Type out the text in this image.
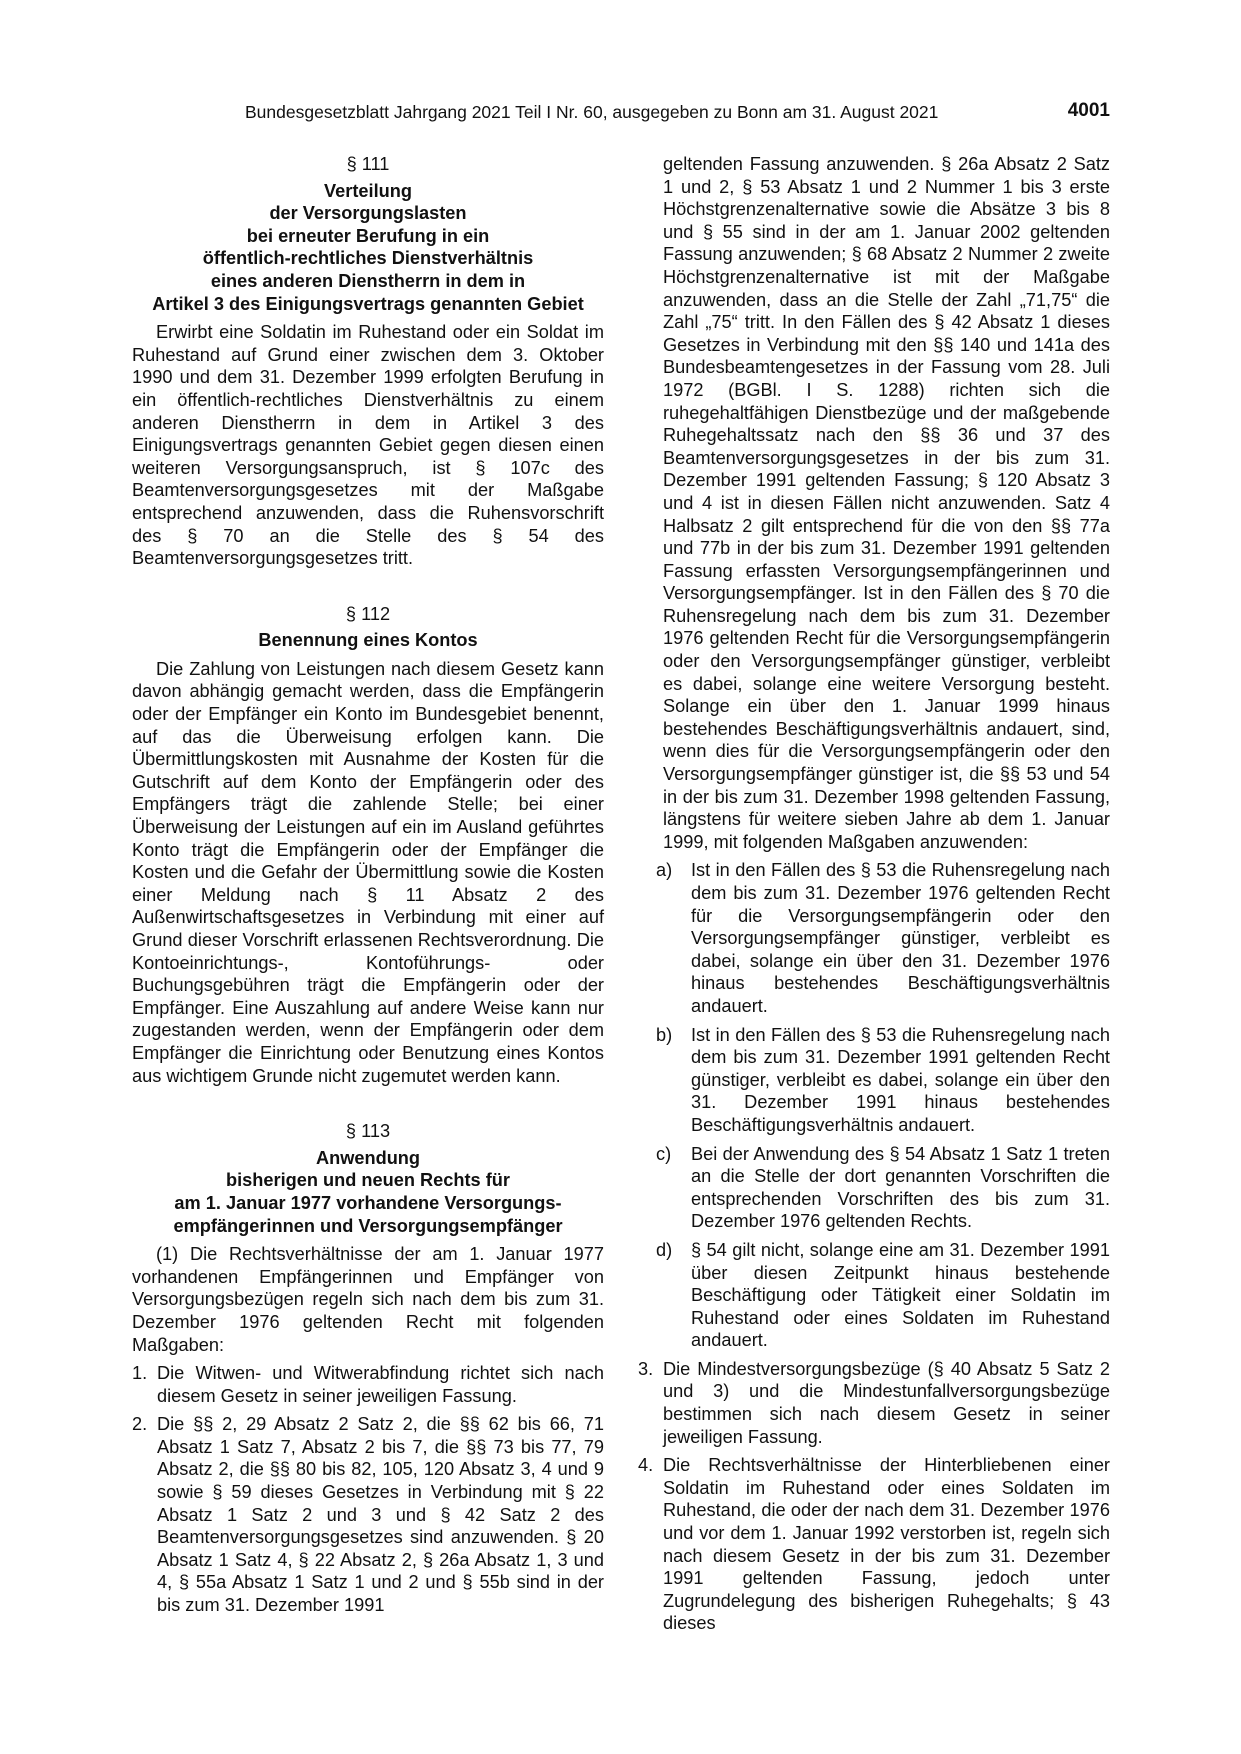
Bundesgesetzblatt Jahrgang 2021 Teil I Nr. 60, ausgegeben zu Bonn am 31. August 2021	4001
§ 111
Verteilung
der Versorgungslasten
bei erneuter Berufung in ein
öffentlich-rechtliches Dienstverhältnis
eines anderen Dienstherrn in dem in
Artikel 3 des Einigungsvertrags genannten Gebiet

Erwirbt eine Soldatin im Ruhestand oder ein Soldat im Ruhestand auf Grund einer zwischen dem 3. Oktober 1990 und dem 31. Dezember 1999 erfolgten Berufung in ein öffentlich-rechtliches Dienstverhältnis zu einem anderen Dienstherrn in dem in Artikel 3 des Einigungsvertrags genannten Gebiet gegen diesen einen weiteren Versorgungsanspruch, ist § 107c des Beamtenversorgungsgesetzes mit der Maßgabe entsprechend anzuwenden, dass die Ruhensvorschrift des § 70 an die Stelle des § 54 des Beamtenversorgungsgesetzes tritt.

§ 112
Benennung eines Kontos

Die Zahlung von Leistungen nach diesem Gesetz kann davon abhängig gemacht werden, dass die Empfängerin oder der Empfänger ein Konto im Bundesgebiet benennt, auf das die Überweisung erfolgen kann. Die Übermittlungskosten mit Ausnahme der Kosten für die Gutschrift auf dem Konto der Empfängerin oder des Empfängers trägt die zahlende Stelle; bei einer Überweisung der Leistungen auf ein im Ausland geführtes Konto trägt die Empfängerin oder der Empfänger die Kosten und die Gefahr der Übermittlung sowie die Kosten einer Meldung nach § 11 Absatz 2 des Außenwirtschaftsgesetzes in Verbindung mit einer auf Grund dieser Vorschrift erlassenen Rechtsverordnung. Die Kontoeinrichtungs-, Kontoführungs- oder Buchungsgebühren trägt die Empfängerin oder der Empfänger. Eine Auszahlung auf andere Weise kann nur zugestanden werden, wenn der Empfängerin oder dem Empfänger die Einrichtung oder Benutzung eines Kontos aus wichtigem Grunde nicht zugemutet werden kann.

§ 113
Anwendung
bisherigen und neuen Rechts für
am 1. Januar 1977 vorhandene Versorgungs-
empfängerinnen und Versorgungsempfänger

(1) Die Rechtsverhältnisse der am 1. Januar 1977 vorhandenen Empfängerinnen und Empfänger von Versorgungsbezügen regeln sich nach dem bis zum 31. Dezember 1976 geltenden Recht mit folgenden Maßgaben:

1. Die Witwen- und Witwerabfindung richtet sich nach diesem Gesetz in seiner jeweiligen Fassung.
2. Die §§ 2, 29 Absatz 2 Satz 2, die §§ 62 bis 66, 71 Absatz 1 Satz 7, Absatz 2 bis 7, die §§ 73 bis 77, 79 Absatz 2, die §§ 80 bis 82, 105, 120 Absatz 3, 4 und 9 sowie § 59 dieses Gesetzes in Verbindung mit § 22 Absatz 1 Satz 2 und 3 und § 42 Satz 2 des Beamtenversorgungsgesetzes sind anzuwenden. § 20 Absatz 1 Satz 4, § 22 Absatz 2, § 26a Absatz 1, 3 und 4, § 55a Absatz 1 Satz 1 und 2 und § 55b sind in der bis zum 31. Dezember 1991
geltenden Fassung anzuwenden. § 26a Absatz 2 Satz 1 und 2, § 53 Absatz 1 und 2 Nummer 1 bis 3 erste Höchstgrenzenalternative sowie die Absätze 3 bis 8 und § 55 sind in der am 1. Januar 2002 geltenden Fassung anzuwenden; § 68 Absatz 2 Nummer 2 zweite Höchstgrenzenalternative ist mit der Maßgabe anzuwenden, dass an die Stelle der Zahl „71,75“ die Zahl „75“ tritt. In den Fällen des § 42 Absatz 1 dieses Gesetzes in Verbindung mit den §§ 140 und 141a des Bundesbeamtengesetzes in der Fassung vom 28. Juli 1972 (BGBl. I S. 1288) richten sich die ruhegehaltfähigen Dienstbezüge und der maßgebende Ruhegehaltssatz nach den §§ 36 und 37 des Beamtenversorgungsgesetzes in der bis zum 31. Dezember 1991 geltenden Fassung; § 120 Absatz 3 und 4 ist in diesen Fällen nicht anzuwenden. Satz 4 Halbsatz 2 gilt entsprechend für die von den §§ 77a und 77b in der bis zum 31. Dezember 1991 geltenden Fassung erfassten Versorgungsempfängerinnen und Versorgungsempfänger. Ist in den Fällen des § 70 die Ruhensregelung nach dem bis zum 31. Dezember 1976 geltenden Recht für die Versorgungsempfängerin oder den Versorgungsempfänger günstiger, verbleibt es dabei, solange eine weitere Versorgung besteht. Solange ein über den 1. Januar 1999 hinaus bestehendes Beschäftigungsverhältnis andauert, sind, wenn dies für die Versorgungsempfängerin oder den Versorgungsempfänger günstiger ist, die §§ 53 und 54 in der bis zum 31. Dezember 1998 geltenden Fassung, längstens für weitere sieben Jahre ab dem 1. Januar 1999, mit folgenden Maßgaben anzuwenden:
a) Ist in den Fällen des § 53 die Ruhensregelung nach dem bis zum 31. Dezember 1976 geltenden Recht für die Versorgungsempfängerin oder den Versorgungsempfänger günstiger, verbleibt es dabei, solange ein über den 31. Dezember 1976 hinaus bestehendes Beschäftigungsverhältnis andauert.
b) Ist in den Fällen des § 53 die Ruhensregelung nach dem bis zum 31. Dezember 1991 geltenden Recht günstiger, verbleibt es dabei, solange ein über den 31. Dezember 1991 hinaus bestehendes Beschäftigungsverhältnis andauert.
c) Bei der Anwendung des § 54 Absatz 1 Satz 1 treten an die Stelle der dort genannten Vorschriften die entsprechenden Vorschriften des bis zum 31. Dezember 1976 geltenden Rechts.
d) § 54 gilt nicht, solange eine am 31. Dezember 1991 über diesen Zeitpunkt hinaus bestehende Beschäftigung oder Tätigkeit einer Soldatin im Ruhestand oder eines Soldaten im Ruhestand andauert.
3. Die Mindestversorgungsbezüge (§ 40 Absatz 5 Satz 2 und 3) und die Mindestunfallversorgungsbezüge bestimmen sich nach diesem Gesetz in seiner jeweiligen Fassung.
4. Die Rechtsverhältnisse der Hinterbliebenen einer Soldatin im Ruhestand oder eines Soldaten im Ruhestand, die oder der nach dem 31. Dezember 1976 und vor dem 1. Januar 1992 verstorben ist, regeln sich nach diesem Gesetz in der bis zum 31. Dezember 1991 geltenden Fassung, jedoch unter Zugrundelegung des bisherigen Ruhegehalts; § 43 dieses
